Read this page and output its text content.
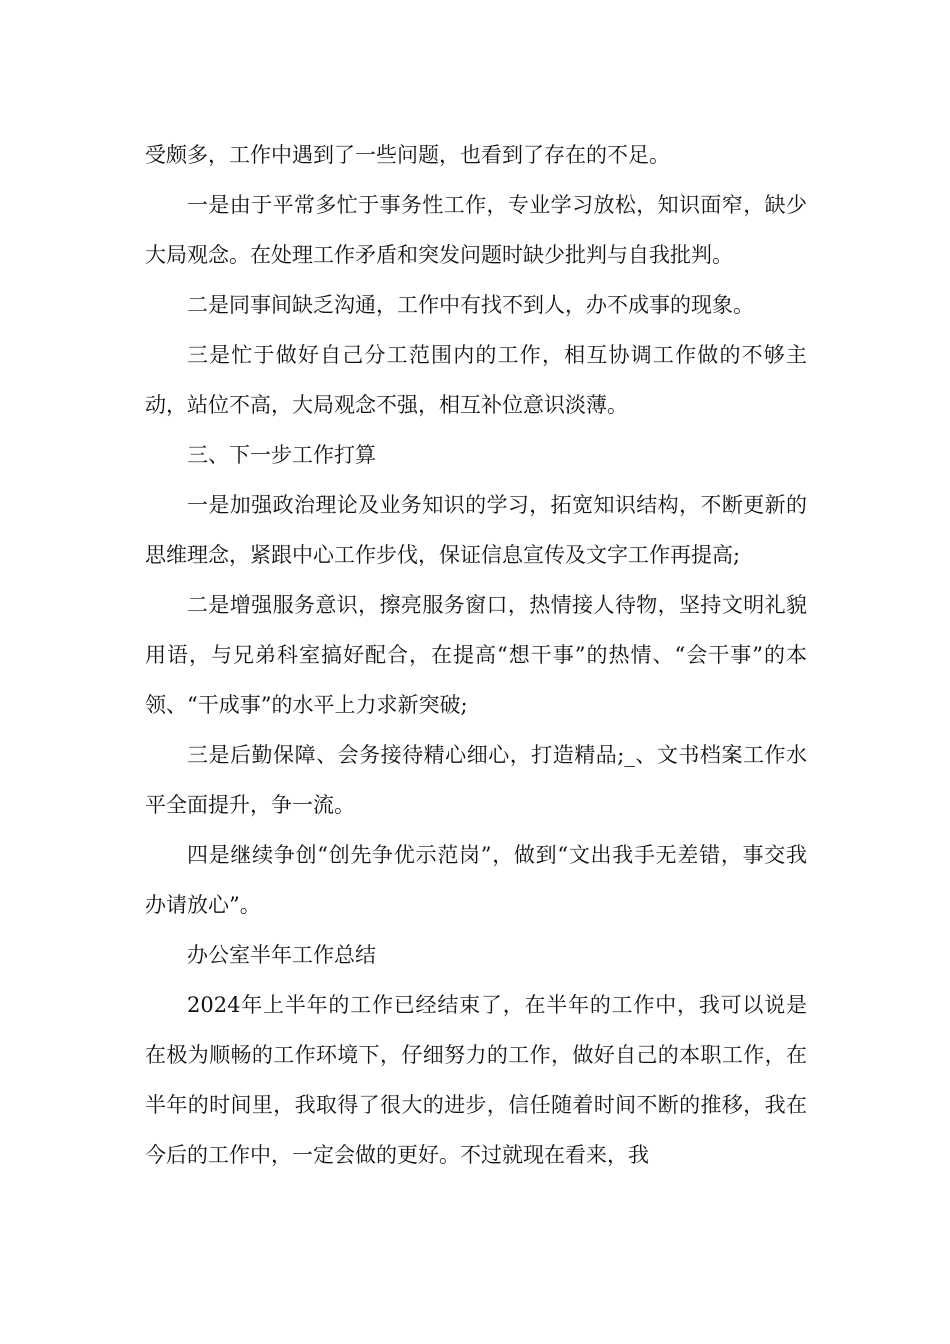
受颇多，工作中遇到了一些问题，也看到了存在的不足。

一是由于平常多忙于事务性工作，专业学习放松，知识面窄，缺少大局观念。在处理工作矛盾和突发问题时缺少批判与自我批判。

二是同事间缺乏沟通，工作中有找不到人，办不成事的现象。

三是忙于做好自己分工范围内的工作，相互协调工作做的不够主动，站位不高，大局观念不强，相互补位意识淡薄。

三、下一步工作打算

一是加强政治理论及业务知识的学习，拓宽知识结构，不断更新的思维理念，紧跟中心工作步伐，保证信息宣传及文字工作再提高;

二是增强服务意识，擦亮服务窗口，热情接人待物，坚持文明礼貌用语，与兄弟科室搞好配合，在提高“想干事”的热情、“会干事”的本领、“干成事”的水平上力求新突破;

三是后勤保障、会务接待精心细心，打造精品;_、文书档案工作水平全面提升，争一流。

四是继续争创“创先争优示范岗”，做到“文出我手无差错，事交我办请放心”。

办公室半年工作总结

2024年上半年的工作已经结束了，在半年的工作中，我可以说是在极为顺畅的工作环境下，仔细努力的工作，做好自己的本职工作，在半年的时间里，我取得了很大的进步，信任随着时间不断的推移，我在今后的工作中，一定会做的更好。不过就现在看来，我
